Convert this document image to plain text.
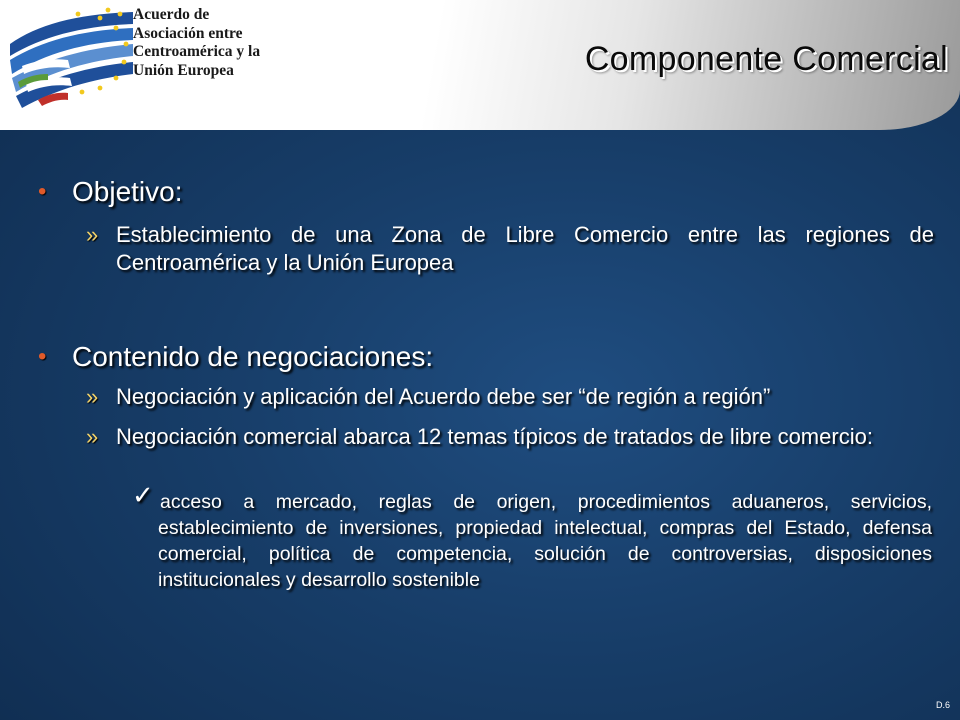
Acuerdo de
Asociación entre
Centroamérica y la
Unión Europea	Componente Comercial
• Objetivo:
» Establecimiento de una Zona de Libre Comercio entre las regiones de Centroamérica y la Unión Europea
• Contenido de negociaciones:
» Negociación y aplicación del Acuerdo debe ser “de región a región”
» Negociación comercial abarca 12 temas típicos de tratados de libre comercio:
✓ acceso a mercado, reglas de origen, procedimientos aduaneros, servicios, establecimiento de inversiones, propiedad intelectual, compras del Estado, defensa comercial, política de competencia, solución de controversias, disposiciones institucionales y desarrollo sostenible
D.6
